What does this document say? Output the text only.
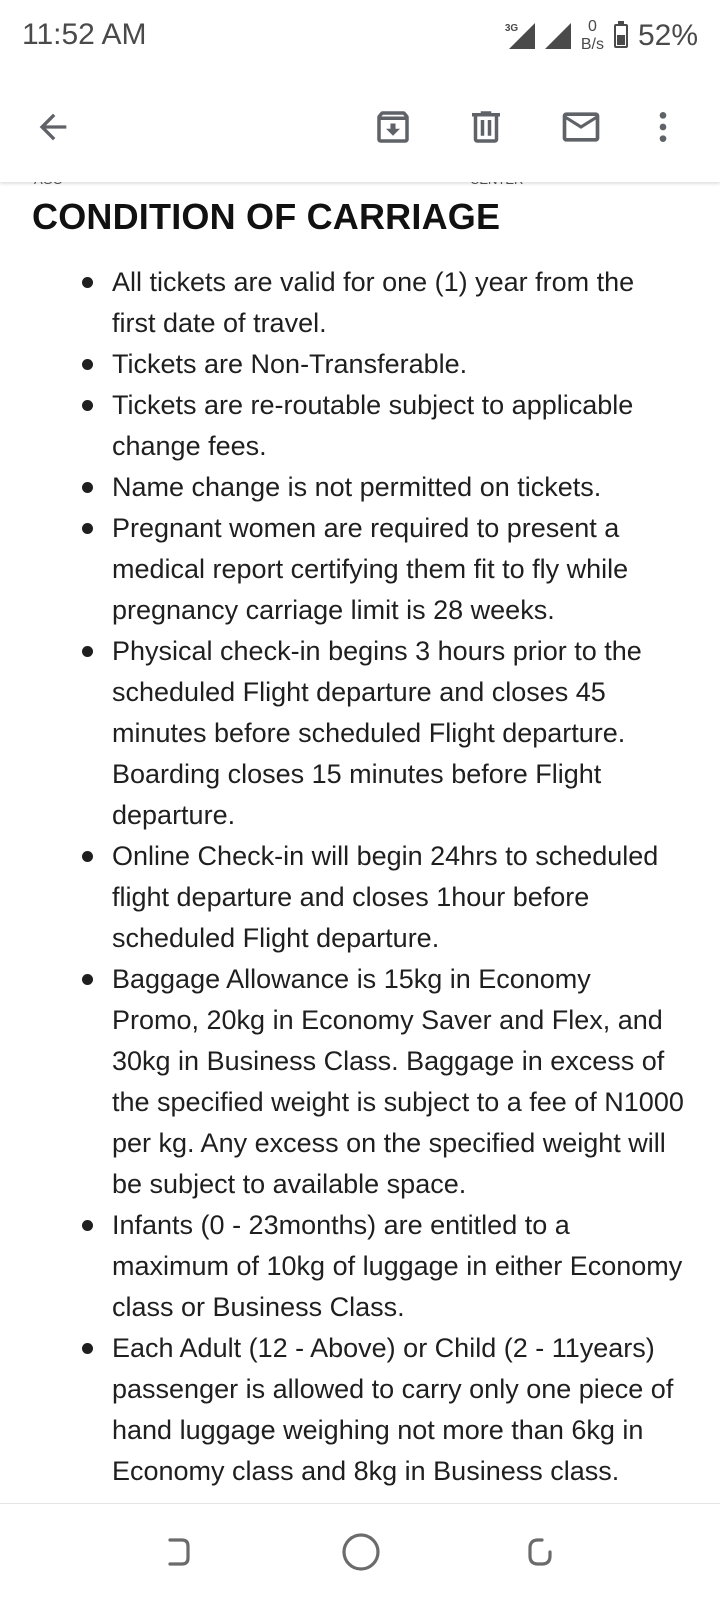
11:52 AM	3G	0
B/s 52%
CONDITION OF CARRIAGE
All tickets are valid for one (1) year from the first date of travel.
Tickets are Non-Transferable.
Tickets are re-routable subject to applicable change fees.
Name change is not permitted on tickets.
Pregnant women are required to present a medical report certifying them fit to fly while pregnancy carriage limit is 28 weeks.
Physical check-in begins 3 hours prior to the scheduled Flight departure and closes 45 minutes before scheduled Flight departure. Boarding closes 15 minutes before Flight departure.
Online Check-in will begin 24hrs to scheduled flight departure and closes 1hour before scheduled Flight departure.
Baggage Allowance is 15kg in Economy Promo, 20kg in Economy Saver and Flex, and 30kg in Business Class. Baggage in excess of the specified weight is subject to a fee of N1000 per kg. Any excess on the specified weight will be subject to available space.
Infants (0 - 23months) are entitled to a maximum of 10kg of luggage in either Economy class or Business Class.
Each Adult (12 - Above) or Child (2 - 11years) passenger is allowed to carry only one piece of hand luggage weighing not more than 6kg in Economy class and 8kg in Business class.
